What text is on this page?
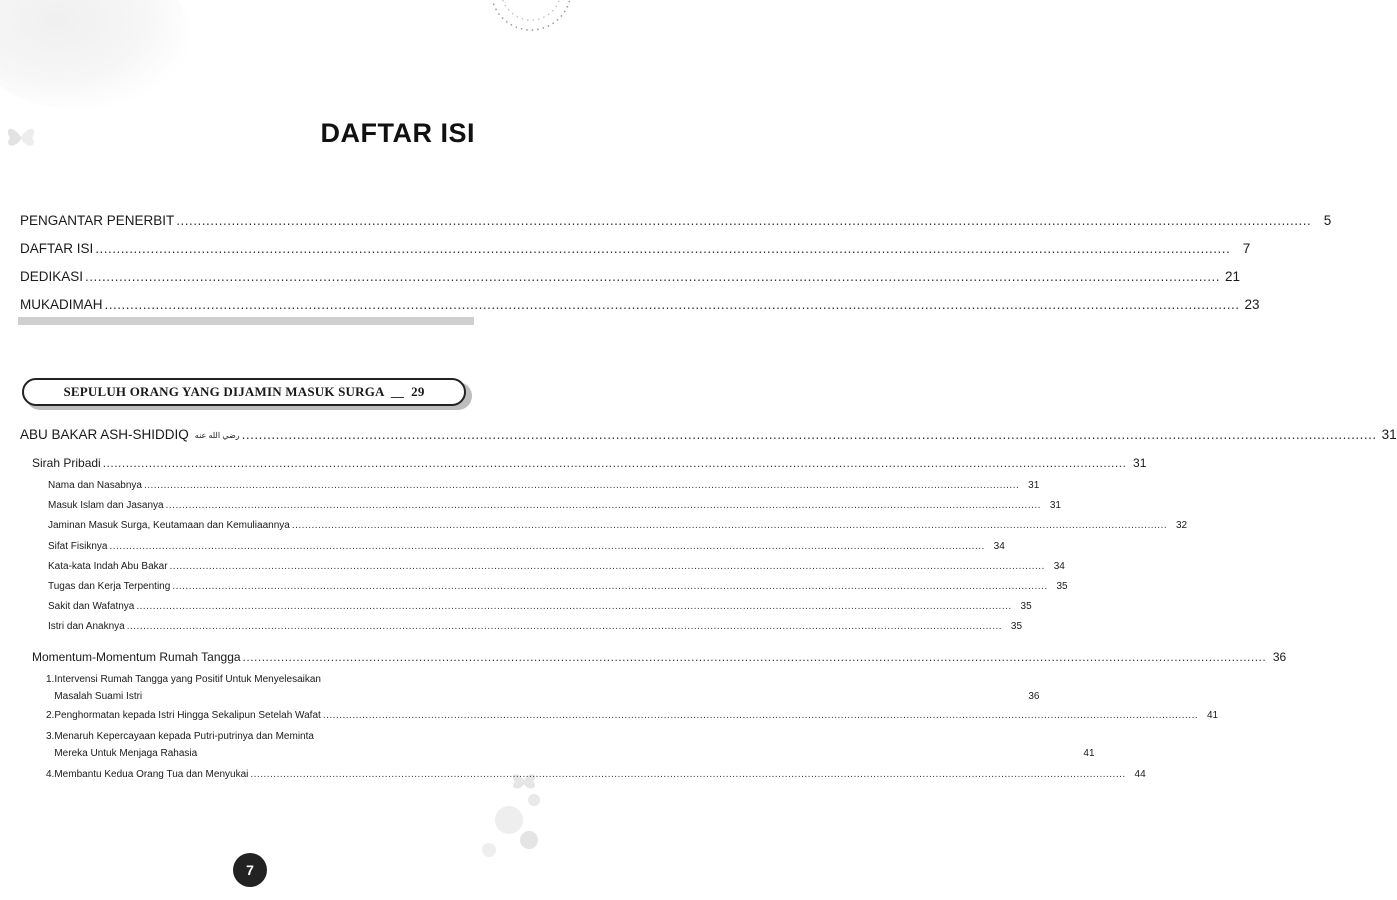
DAFTAR ISI
PENGANTAR PENERBIT .....	5
DAFTAR ISI .....	7
DEDIKASI .....	21
MUKADIMAH .....	23
SEPULUH ORANG YANG DIJAMIN MASUK SURGA  __  29
ABU BAKAR ASH-SHIDDIQ رضي الله عنه .....	31
Sirah Pribadi .....	31
Nama dan Nasabnya .....	31
Masuk Islam dan Jasanya .....	31
Jaminan Masuk Surga, Keutamaan dan Kemuliaannya .....	32
Sifat Fisiknya .....	34
Kata-kata Indah Abu Bakar .....	34
Tugas dan Kerja Terpenting .....	35
Sakit dan Wafatnya .....	35
Istri dan Anaknya .....	35
Momentum-Momentum Rumah Tangga .....	36
1. Intervensi Rumah Tangga yang Positif Untuk Menyelesaikan
Masalah Suami Istri	36
2. Penghormatan kepada Istri Hingga Sekalipun Setelah Wafat .....	41
3. Menaruh Kepercayaan kepada Putri-putrinya dan Meminta
Mereka Untuk Menjaga Rahasia	41
4. Membantu Kedua Orang Tua dan Menyukai .....	44
7
